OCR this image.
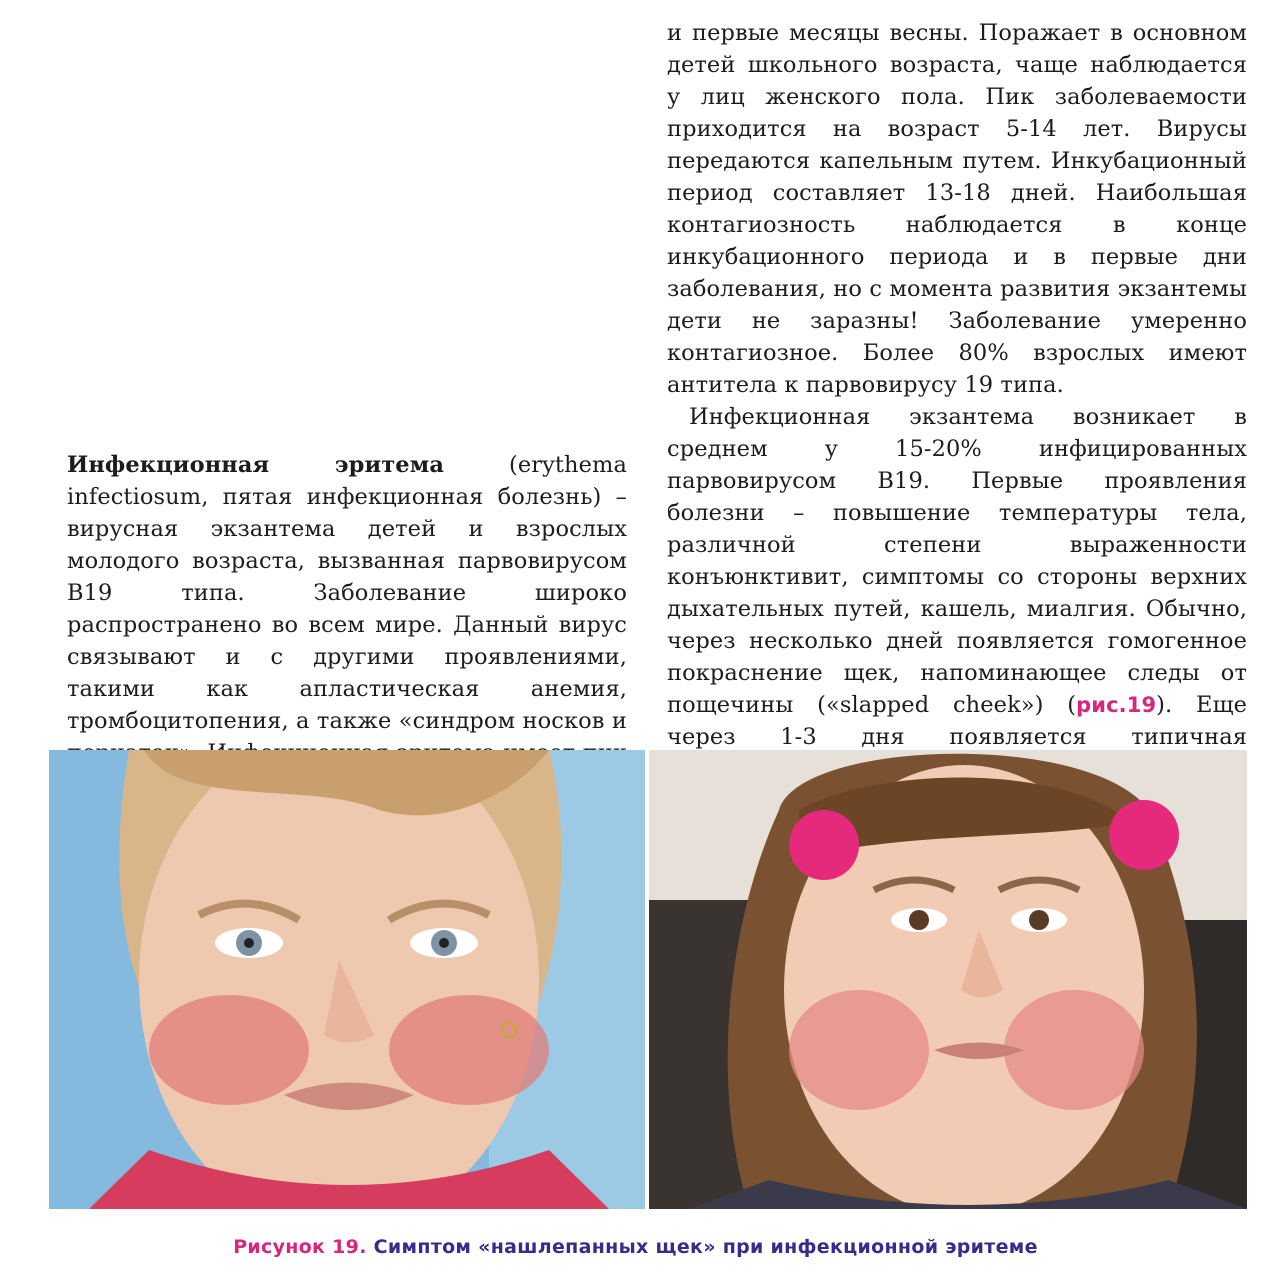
Инфекционная эритема	(erythema infectiosum, пятая инфекционная болезнь) – вирусная экзантема детей и взрослых молодого возраста, вызванная парвовирусом B19 типа. Заболевание широко распространено во всем мире. Данный вирус связывают и с другими проявлениями, такими как апластическая анемия, тромбоцитопения, а также «синдром носков и

и первые месяцы весны. Поражает в основном детей школьного возраста, чаще наблюдается у лиц женского пола. Пик заболеваемости приходится на возраст 5-14 лет. Вирусы передаются капельным путем. Инкубационный период составляет 13-18 дней. Наибольшая контагиозность наблюдается в конце инкубационного периода и в первые дни заболевания, но с момента развития экзантемы дети не заразны! Заболевание умеренно контагиозное. Более 80% взрослых имеют антитела к парвовирусу 19 типа.

Инфекционная экзантема возникает в среднем у 15-20% инфицированных парвовирусом B19. Первые проявления болезни – повышение температуры тела, различной степени выраженности конъюнктивит, симптомы со стороны верхних дыхательных путей, кашель, миалгия. Обычно, через несколько дней появляется гомогенное покраснение щек, напоминающее следы от пощечины («slapped cheek») (рис.19). Еще через 1-3 дня появляется типичная

Рисунок 19. Симптом «нашлепанных щек» при инфекционной эритеме
